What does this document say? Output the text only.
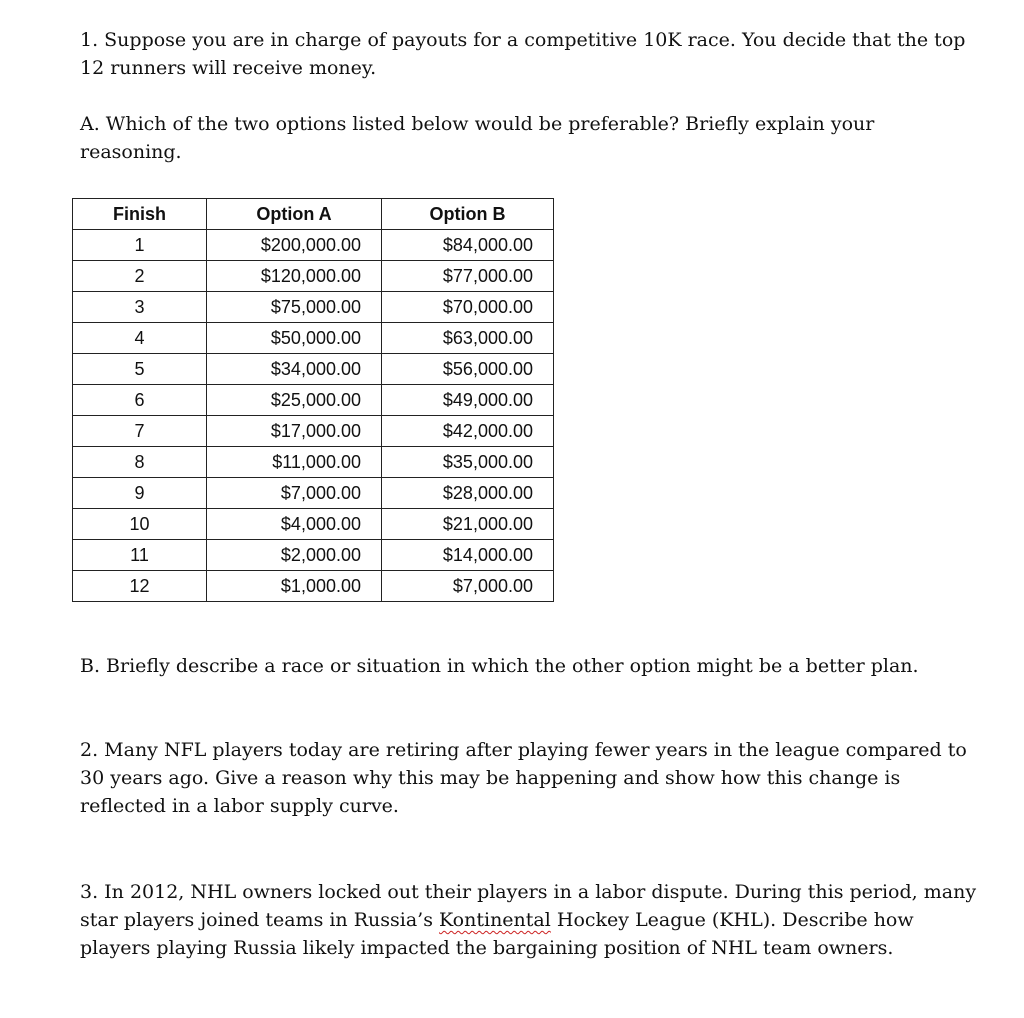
1. Suppose you are in charge of payouts for a competitive 10K race. You decide that the top 12 runners will receive money.

A. Which of the two options listed below would be preferable? Briefly explain your reasoning.

B. Briefly describe a race or situation in which the other option might be a better plan.

2. Many NFL players today are retiring after playing fewer years in the league compared to 30 years ago. Give a reason why this may be happening and show how this change is reflected in a labor supply curve.

3. In 2012, NHL owners locked out their players in a labor dispute. During this period, many star players joined teams in Russia’s Kontinental Hockey League (KHL). Describe how players playing Russia likely impacted the bargaining position of NHL team owners.

Finish	Option A	Option B
1	$200,000.00	$84,000.00
2	$120,000.00	$77,000.00
3	$75,000.00	$70,000.00
4	$50,000.00	$63,000.00
5	$34,000.00	$56,000.00
6	$25,000.00	$49,000.00
7	$17,000.00	$42,000.00
8	$11,000.00	$35,000.00
9	$7,000.00	$28,000.00
10	$4,000.00	$21,000.00
11	$2,000.00	$14,000.00
12	$1,000.00	$7,000.00
